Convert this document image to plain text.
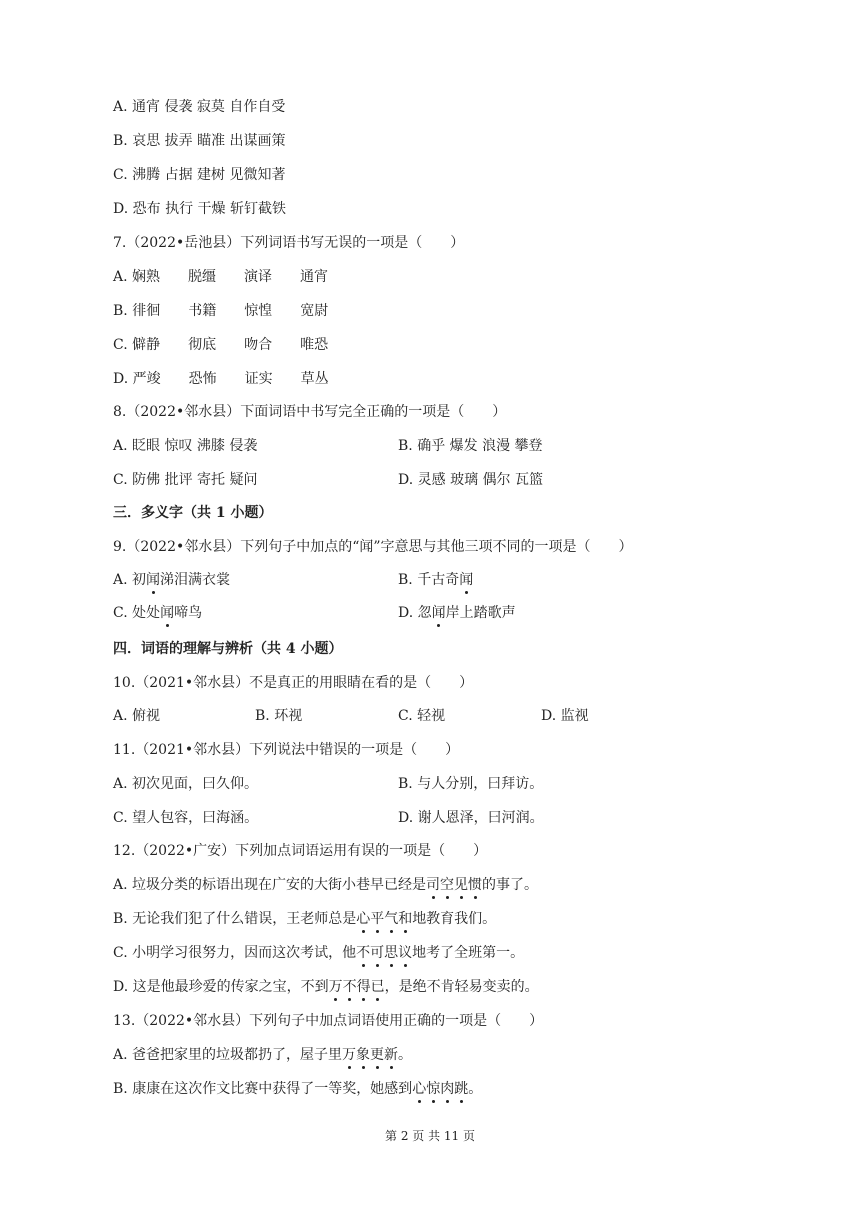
A. 通宵 侵袭 寂莫 自作自受
B. 哀思 拔弄 瞄准 出谋画策
C. 沸腾 占据 建树 见微知著
D. 恐布 执行 干燥 斩钉截铁
7.（2022•岳池县）下列词语书写无误的一项是（　　）
A. 娴熟　　脱缰　　演译　　通宵
B. 徘徊　　书籍　　惊惶　　宽尉
C. 僻静　　彻底　　吻合　　唯恐
D. 严竣　　恐怖　　证实　　草丛
8.（2022•邻水县）下面词语中书写完全正确的一项是（　　）
A. 眨眼 惊叹 沸膝 侵袭	B. 确乎 爆发 浪漫 攀登
C. 防佛 批评 寄托 疑问	D. 灵感 玻璃 偶尔 瓦篮
三．多义字（共 1 小题）
9.（2022•邻水县）下列句子中加点的“闻”字意思与其他三项不同的一项是（　　）
A. 初闻涕泪满衣裳	B. 千古奇闻
C. 处处闻啼鸟	D. 忽闻岸上踏歌声
四．词语的理解与辨析（共 4 小题）
10.（2021•邻水县）不是真正的用眼睛在看的是（　　）
A. 俯视	B. 环视	C. 轻视	D. 监视
11.（2021•邻水县）下列说法中错误的一项是（　　）
A. 初次见面，曰久仰。	B. 与人分别，曰拜访。
C. 望人包容，曰海涵。	D. 谢人恩泽，曰河润。
12.（2022•广安）下列加点词语运用有误的一项是（　　）
A. 垃圾分类的标语出现在广安的大街小巷早已经是司空见惯的事了。
B. 无论我们犯了什么错误，王老师总是心平气和地教育我们。
C. 小明学习很努力，因而这次考试，他不可思议地考了全班第一。
D. 这是他最珍爱的传家之宝，不到万不得已，是绝不肯轻易变卖的。
13.（2022•邻水县）下列句子中加点词语使用正确的一项是（　　）
A. 爸爸把家里的垃圾都扔了，屋子里万象更新。
B. 康康在这次作文比赛中获得了一等奖，她感到心惊肉跳。
第 2 页 共 11 页
